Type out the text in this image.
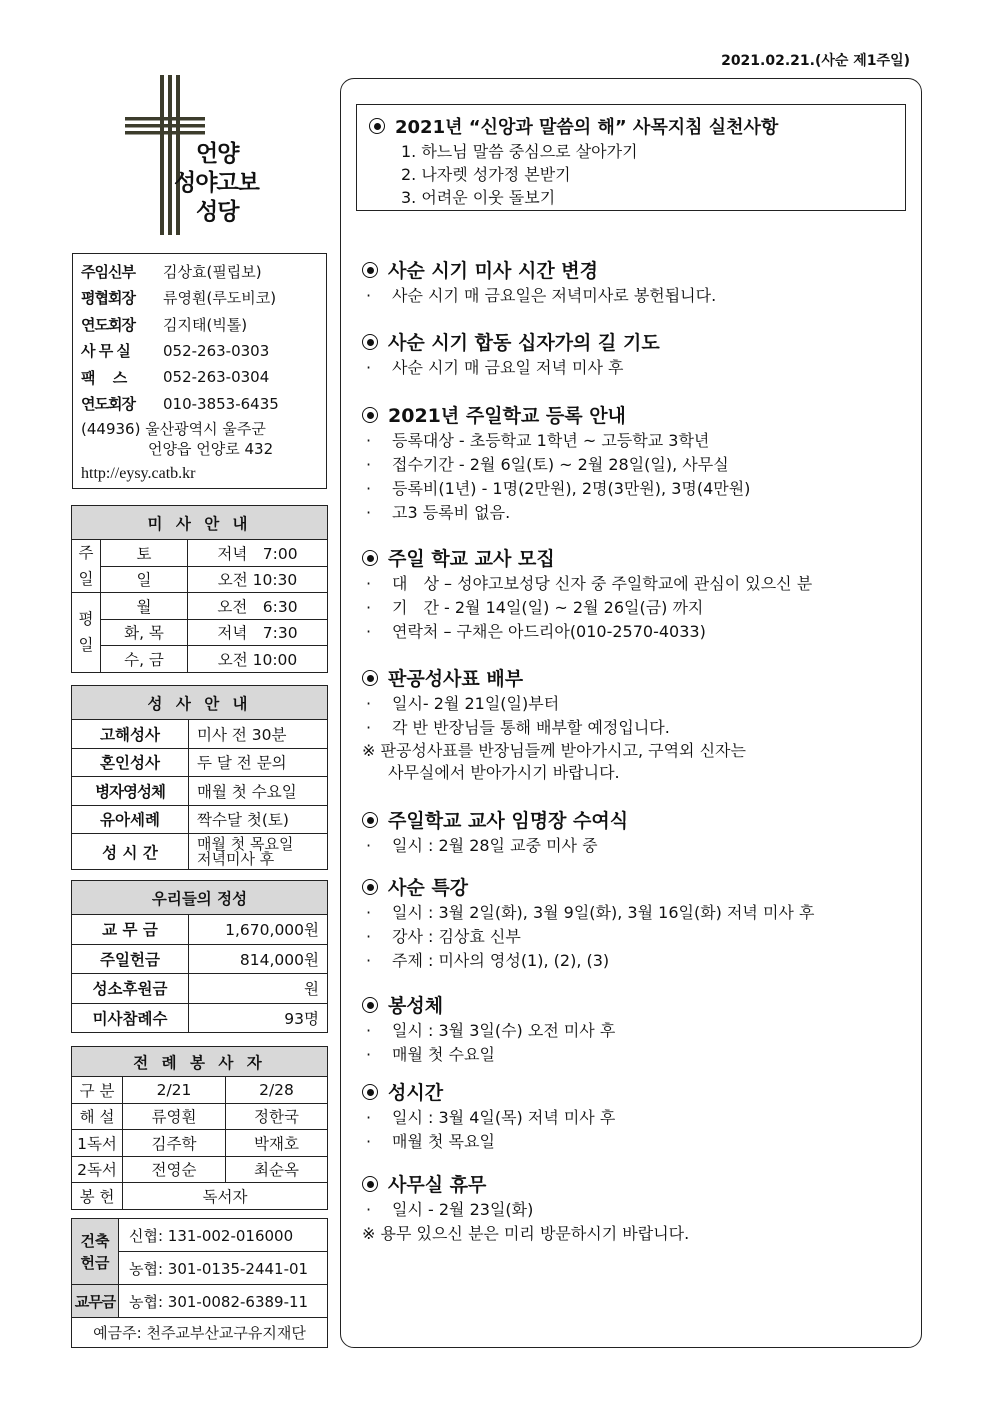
2021.02.21.(사순 제1주일)
언양
성야고보
성당
주임신부	김상효(필립보)
평협회장	류영훤(루도비코)
연도회장	김지태(빅톨)
사 무 실	052-263-0303
팩　 스	052-263-0304
연도회장	010-3853-6435
(44936) 울산광역시 울주군
언양읍 언양로 432
http://eysy.catb.kr
미 사 안 내		
주일	토	저녁　7:00
	일	오전 10:30
평일	월	오전　6:30
	화, 목	저녁　7:30
	수, 금	오전 10:00
성 사 안 내	
고해성사	미사 전 30분
혼인성사	두 달 전 문의
병자영성체	매월 첫 수요일
유아세례	짝수달 첫(토)
성 시 간	매월 첫 목요일
저녁미사 후
우리들의 정성	
교 무 금	1,670,000원
주일헌금	814,000원
성소후원금	원
미사참례수	93명
전 례 봉 사 자		
구 분	2/21	2/28
해 설	류영훤	정한국
1독서	김주학	박재호
2독서	전영순	최순옥
봉 헌	독서자	
건축헌금	신협: 131-002-016000
	농협: 301-0135-2441-01
교무금	농협: 301-0082-6389-11
예금주: 천주교부산교구유지재단	
2021년 “신앙과 말씀의 해” 사목지침 실천사항
1. 하느님 말씀 중심으로 살아가기
2. 나자렛 성가정 본받기
3. 어려운 이웃 돌보기
사순 시기 미사 시간 변경
· 사순 시기 매 금요일은 저녁미사로 봉헌됩니다.
사순 시기 합동 십자가의 길 기도
· 사순 시기 매 금요일 저녁 미사 후
2021년 주일학교 등록 안내
· 등록대상 - 초등학교 1학년 ~ 고등학교 3학년
· 접수기간 - 2월 6일(토) ~ 2월 28일(일), 사무실
· 등록비(1년) - 1명(2만원), 2명(3만원), 3명(4만원)
· 고3 등록비 없음.
주일 학교 교사 모집
· 대　상 – 성야고보성당 신자 중 주일학교에 관심이 있으신 분
· 기　간 - 2월 14일(일) ~ 2월 26일(금) 까지
· 연락처 – 구채은 아드리아(010-2570-4033)
판공성사표 배부
· 일시- 2월 21일(일)부터
· 각 반 반장님들 통해 배부할 예정입니다.
※ 판공성사표를 반장님들께 받아가시고, 구역외 신자는
사무실에서 받아가시기 바랍니다.
주일학교 교사 임명장 수여식
· 일시 : 2월 28일 교중 미사 중
사순 특강
· 일시 : 3월 2일(화), 3월 9일(화), 3월 16일(화) 저녁 미사 후
· 강사 : 김상효 신부
· 주제 : 미사의 영성(1), (2), (3)
봉성체
· 일시 : 3월 3일(수) 오전 미사 후
· 매월 첫 수요일
성시간
· 일시 : 3월 4일(목) 저녁 미사 후
· 매월 첫 목요일
사무실 휴무
· 일시 - 2월 23일(화)
※ 용무 있으신 분은 미리 방문하시기 바랍니다.
